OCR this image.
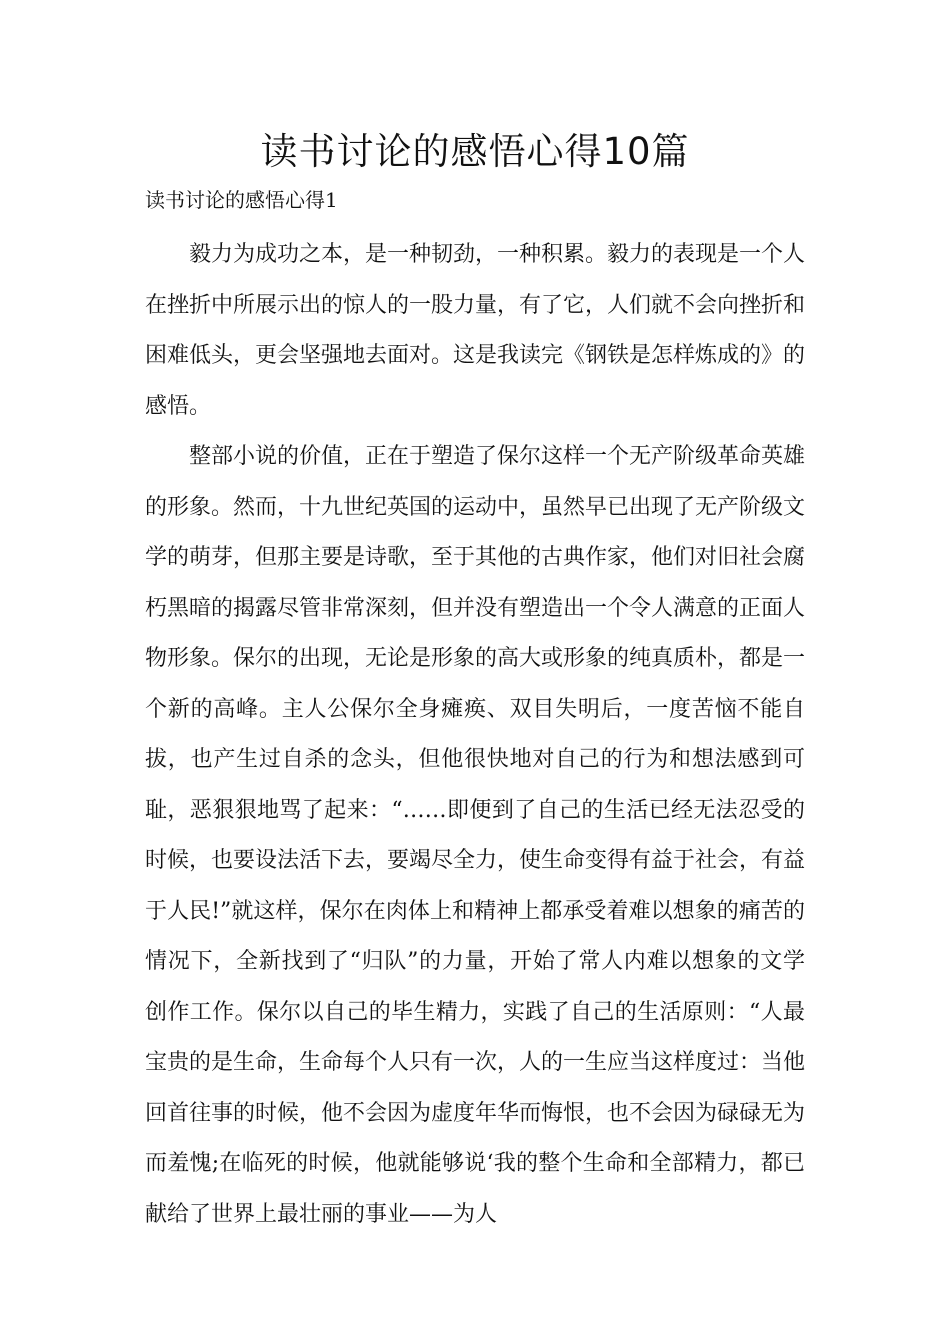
读书讨论的感悟心得10篇
读书讨论的感悟心得1

毅力为成功之本，是一种韧劲，一种积累。毅力的表现是一个人在挫折中所展示出的惊人的一股力量，有了它，人们就不会向挫折和困难低头，更会坚强地去面对。这是我读完《钢铁是怎样炼成的》的感悟。

整部小说的价值，正在于塑造了保尔这样一个无产阶级革命英雄的形象。然而，十九世纪英国的运动中，虽然早已出现了无产阶级文学的萌芽，但那主要是诗歌，至于其他的古典作家，他们对旧社会腐朽黑暗的揭露尽管非常深刻，但并没有塑造出一个令人满意的正面人物形象。保尔的出现，无论是形象的高大或形象的纯真质朴，都是一个新的高峰。主人公保尔全身瘫痪、双目失明后，一度苦恼不能自拔，也产生过自杀的念头，但他很快地对自己的行为和想法感到可耻，恶狠狠地骂了起来：“……即便到了自己的生活已经无法忍受的时候，也要设法活下去，要竭尽全力，使生命变得有益于社会，有益于人民!”就这样，保尔在肉体上和精神上都承受着难以想象的痛苦的情况下，全新找到了“归队”的力量，开始了常人内难以想象的文学创作工作。保尔以自己的毕生精力，实践了自己的生活原则：“人最宝贵的是生命，生命每个人只有一次，人的一生应当这样度过：当他回首往事的时候，他不会因为虚度年华而悔恨，也不会因为碌碌无为而羞愧;在临死的时候，他就能够说‘我的整个生命和全部精力，都已献给了世界上最壮丽的事业——为人
